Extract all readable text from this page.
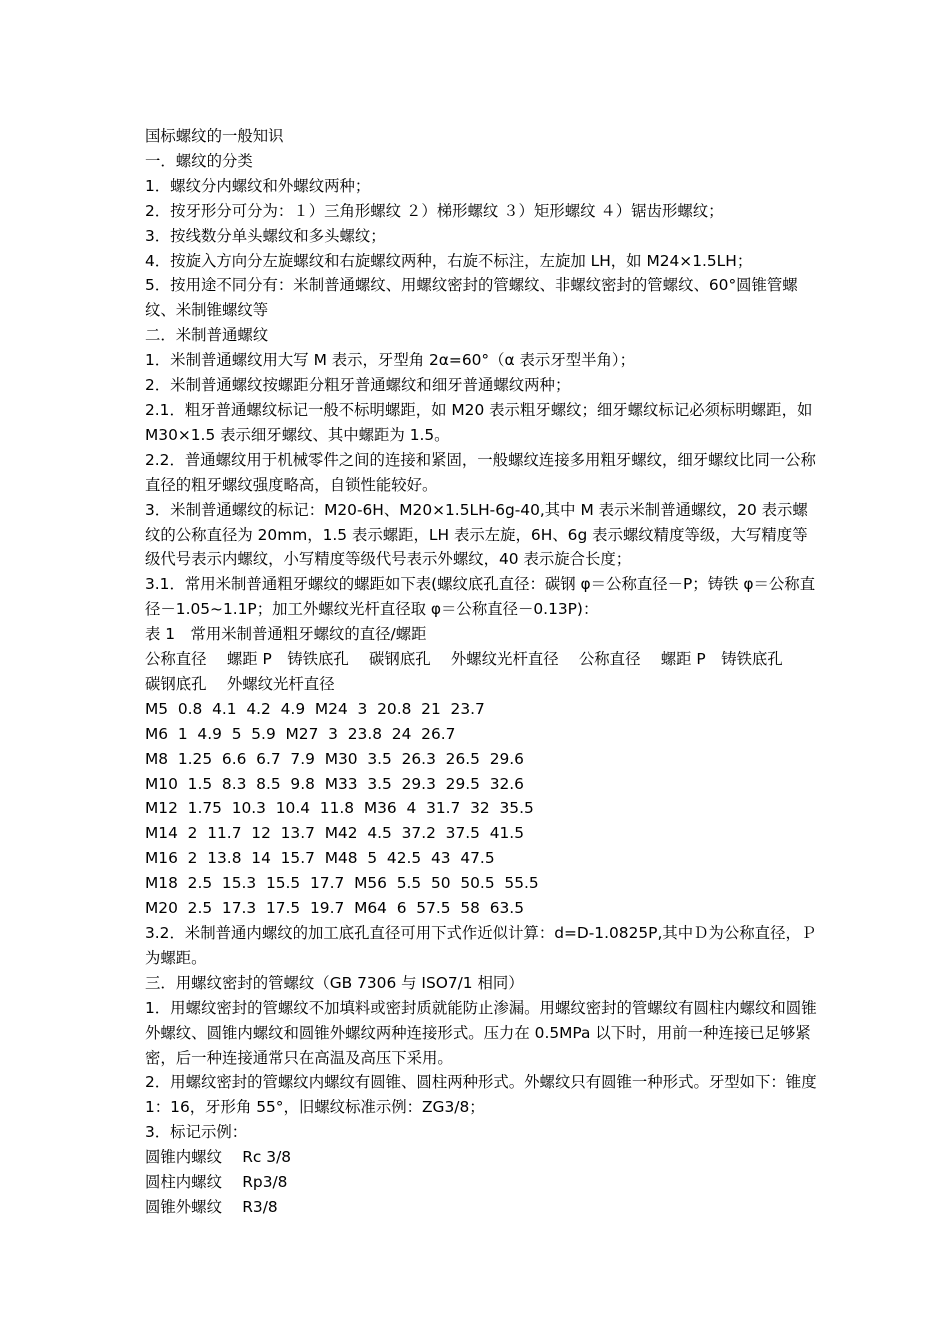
国标螺纹的一般知识

一．螺纹的分类

1．螺纹分内螺纹和外螺纹两种；

2．按牙形分可分为：１）三角形螺纹 ２）梯形螺纹 ３）矩形螺纹 ４）锯齿形螺纹；

3．按线数分单头螺纹和多头螺纹；

4．按旋入方向分左旋螺纹和右旋螺纹两种，右旋不标注，左旋加 LH，如 M24×1.5LH；

5．按用途不同分有：米制普通螺纹、用螺纹密封的管螺纹、非螺纹密封的管螺纹、60°圆锥管螺纹、米制锥螺纹等

二．米制普通螺纹

1．米制普通螺纹用大写 M 表示，牙型角 2α=60°（α 表示牙型半角）；

2．米制普通螺纹按螺距分粗牙普通螺纹和细牙普通螺纹两种；

2.1．粗牙普通螺纹标记一般不标明螺距，如 M20 表示粗牙螺纹；细牙螺纹标记必须标明螺距，如 M30×1.5 表示细牙螺纹、其中螺距为 1.5。

2.2．普通螺纹用于机械零件之间的连接和紧固，一般螺纹连接多用粗牙螺纹，细牙螺纹比同一公称直径的粗牙螺纹强度略高，自锁性能较好。

3．米制普通螺纹的标记：M20-6H、M20×1.5LH-6g-40,其中 M 表示米制普通螺纹，20 表示螺纹的公称直径为 20mm，1.5 表示螺距，LH 表示左旋，6H、6g 表示螺纹精度等级，大写精度等级代号表示内螺纹，小写精度等级代号表示外螺纹，40 表示旋合长度；

3.1．常用米制普通粗牙螺纹的螺距如下表(螺纹底孔直径：碳钢 φ＝公称直径－P；铸铁 φ＝公称直径－1.05~1.1P；加工外螺纹光杆直径取 φ＝公称直径－0.13P)：

表 1　常用米制普通粗牙螺纹的直径/螺距

公称直径　 螺距 P　铸铁底孔　 碳钢底孔　 外螺纹光杆直径　 公称直径　 螺距 P　铸铁底孔　 碳钢底孔　 外螺纹光杆直径

M5  0.8  4.1  4.2  4.9  M24  3  20.8  21  23.7

M6  1  4.9  5  5.9  M27  3  23.8  24  26.7

M8  1.25  6.6  6.7  7.9  M30  3.5  26.3  26.5  29.6

M10  1.5  8.3  8.5  9.8  M33  3.5  29.3  29.5  32.6

M12  1.75  10.3  10.4  11.8  M36  4  31.7  32  35.5

M14  2  11.7  12  13.7  M42  4.5  37.2  37.5  41.5

M16  2  13.8  14  15.7  M48  5  42.5  43  47.5

M18  2.5  15.3  15.5  17.7  M56  5.5  50  50.5  55.5

M20  2.5  17.3  17.5  19.7  M64  6  57.5  58  63.5

3.2．米制普通内螺纹的加工底孔直径可用下式作近似计算：d=D-1.0825P,其中Ｄ为公称直径，Ｐ为螺距。

三．用螺纹密封的管螺纹（GB 7306 与 ISO7/1 相同）

1．用螺纹密封的管螺纹不加填料或密封质就能防止渗漏。用螺纹密封的管螺纹有圆柱内螺纹和圆锥外螺纹、圆锥内螺纹和圆锥外螺纹两种连接形式。压力在 0.5MPa 以下时，用前一种连接已足够紧密，后一种连接通常只在高温及高压下采用。

2．用螺纹密封的管螺纹内螺纹有圆锥、圆柱两种形式。外螺纹只有圆锥一种形式。牙型如下：锥度 1：16，牙形角 55°，旧螺纹标准示例：ZG3/8；

3．标记示例：

圆锥内螺纹　 Rc 3/8

圆柱内螺纹　 Rp3/8

圆锥外螺纹　 R3/8
